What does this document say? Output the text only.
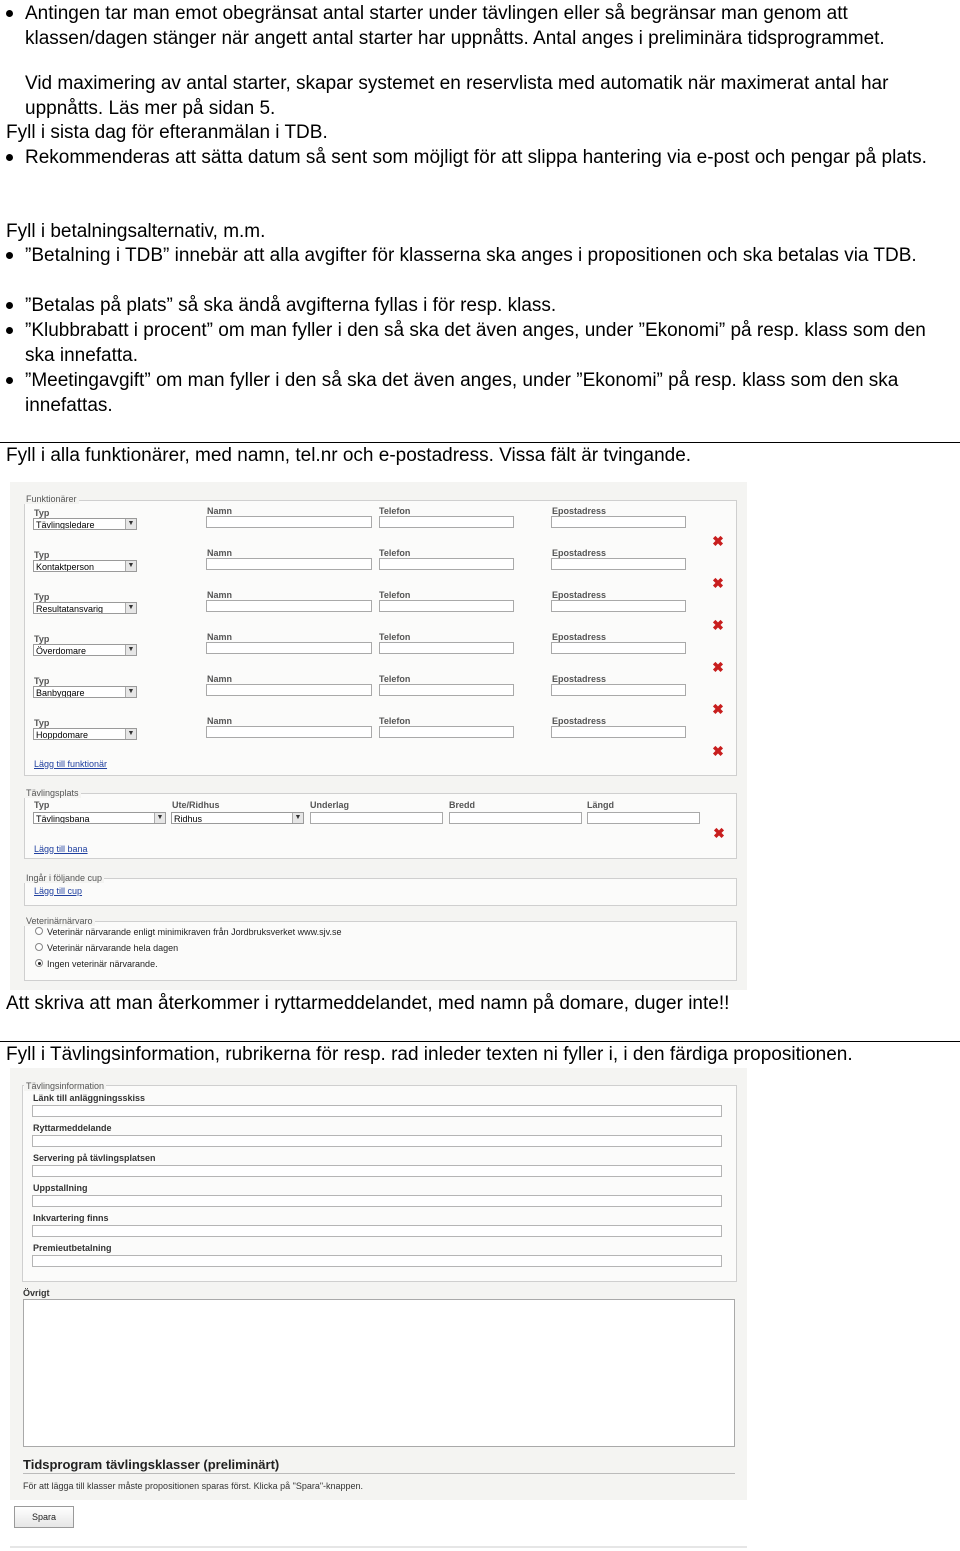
Antingen tar man emot obegränsat antal starter under tävlingen eller så begränsar man genom att klassen/dagen stänger när angett antal starter har uppnåtts. Antal anges i preliminära tidsprogrammet.
Vid maximering av antal starter, skapar systemet en reservlista med automatik när maximerat antal har uppnåtts. Läs mer på sidan 5.
Fyll i sista dag för efteranmälan i TDB.
Rekommenderas att sätta datum så sent som möjligt för att slippa hantering via e-post och pengar på plats.
Fyll i betalningsalternativ, m.m.
”Betalning i TDB” innebär att alla avgifter för klasserna ska anges i propositionen och ska betalas via TDB.
”Betalas på plats” så ska ändå avgifterna fyllas i för resp. klass.
”Klubbrabatt i procent” om man fyller i den så ska det även anges, under ”Ekonomi” på resp. klass som den ska innefatta.
”Meetingavgift” om man fyller i den så ska det även anges, under ”Ekonomi” på resp. klass som den ska innefattas.
Fyll i alla funktionärer, med namn, tel.nr och e-postadress. Vissa fält är tvingande.
Funktionärer
Typ	Namn	Telefon	Epostadress
Tävlingsledare	▼
✖
Typ	Namn	Telefon	Epostadress
Kontaktperson	▼
✖
Typ	Namn	Telefon	Epostadress
Resultatansvarig	▼
✖
Typ	Namn	Telefon	Epostadress
Överdomare	▼
✖
Typ	Namn	Telefon	Epostadress
Banbyggare	▼
✖
Typ	Namn	Telefon	Epostadress
Hoppdomare	▼
✖
Lägg till funktionär
Tävlingsplats
Typ	Ute/Ridhus	Underlag	Bredd	Längd
Tävlingsbana	▼	Ridhus	▼
✖
Lägg till bana
Ingår i följande cup
Lägg till cup
Veterinärnärvaro
Veterinär närvarande enligt minimikraven från Jordbruksverket www.sjv.se
Veterinär närvarande hela dagen
Ingen veterinär närvarande.
Att skriva att man återkommer i ryttarmeddelandet, med namn på domare, duger inte!!
Fyll i Tävlingsinformation, rubrikerna för resp. rad inleder texten ni fyller i, i den färdiga propositionen.
Tävlingsinformation
Länk till anläggningsskiss
Ryttarmeddelande
Servering på tävlingsplatsen
Uppstallning
Inkvartering finns
Premieutbetalning
Övrigt
Tidsprogram tävlingsklasser (preliminärt)
För att lägga till klasser måste propositionen sparas först. Klicka på "Spara"-knappen.
Spara
